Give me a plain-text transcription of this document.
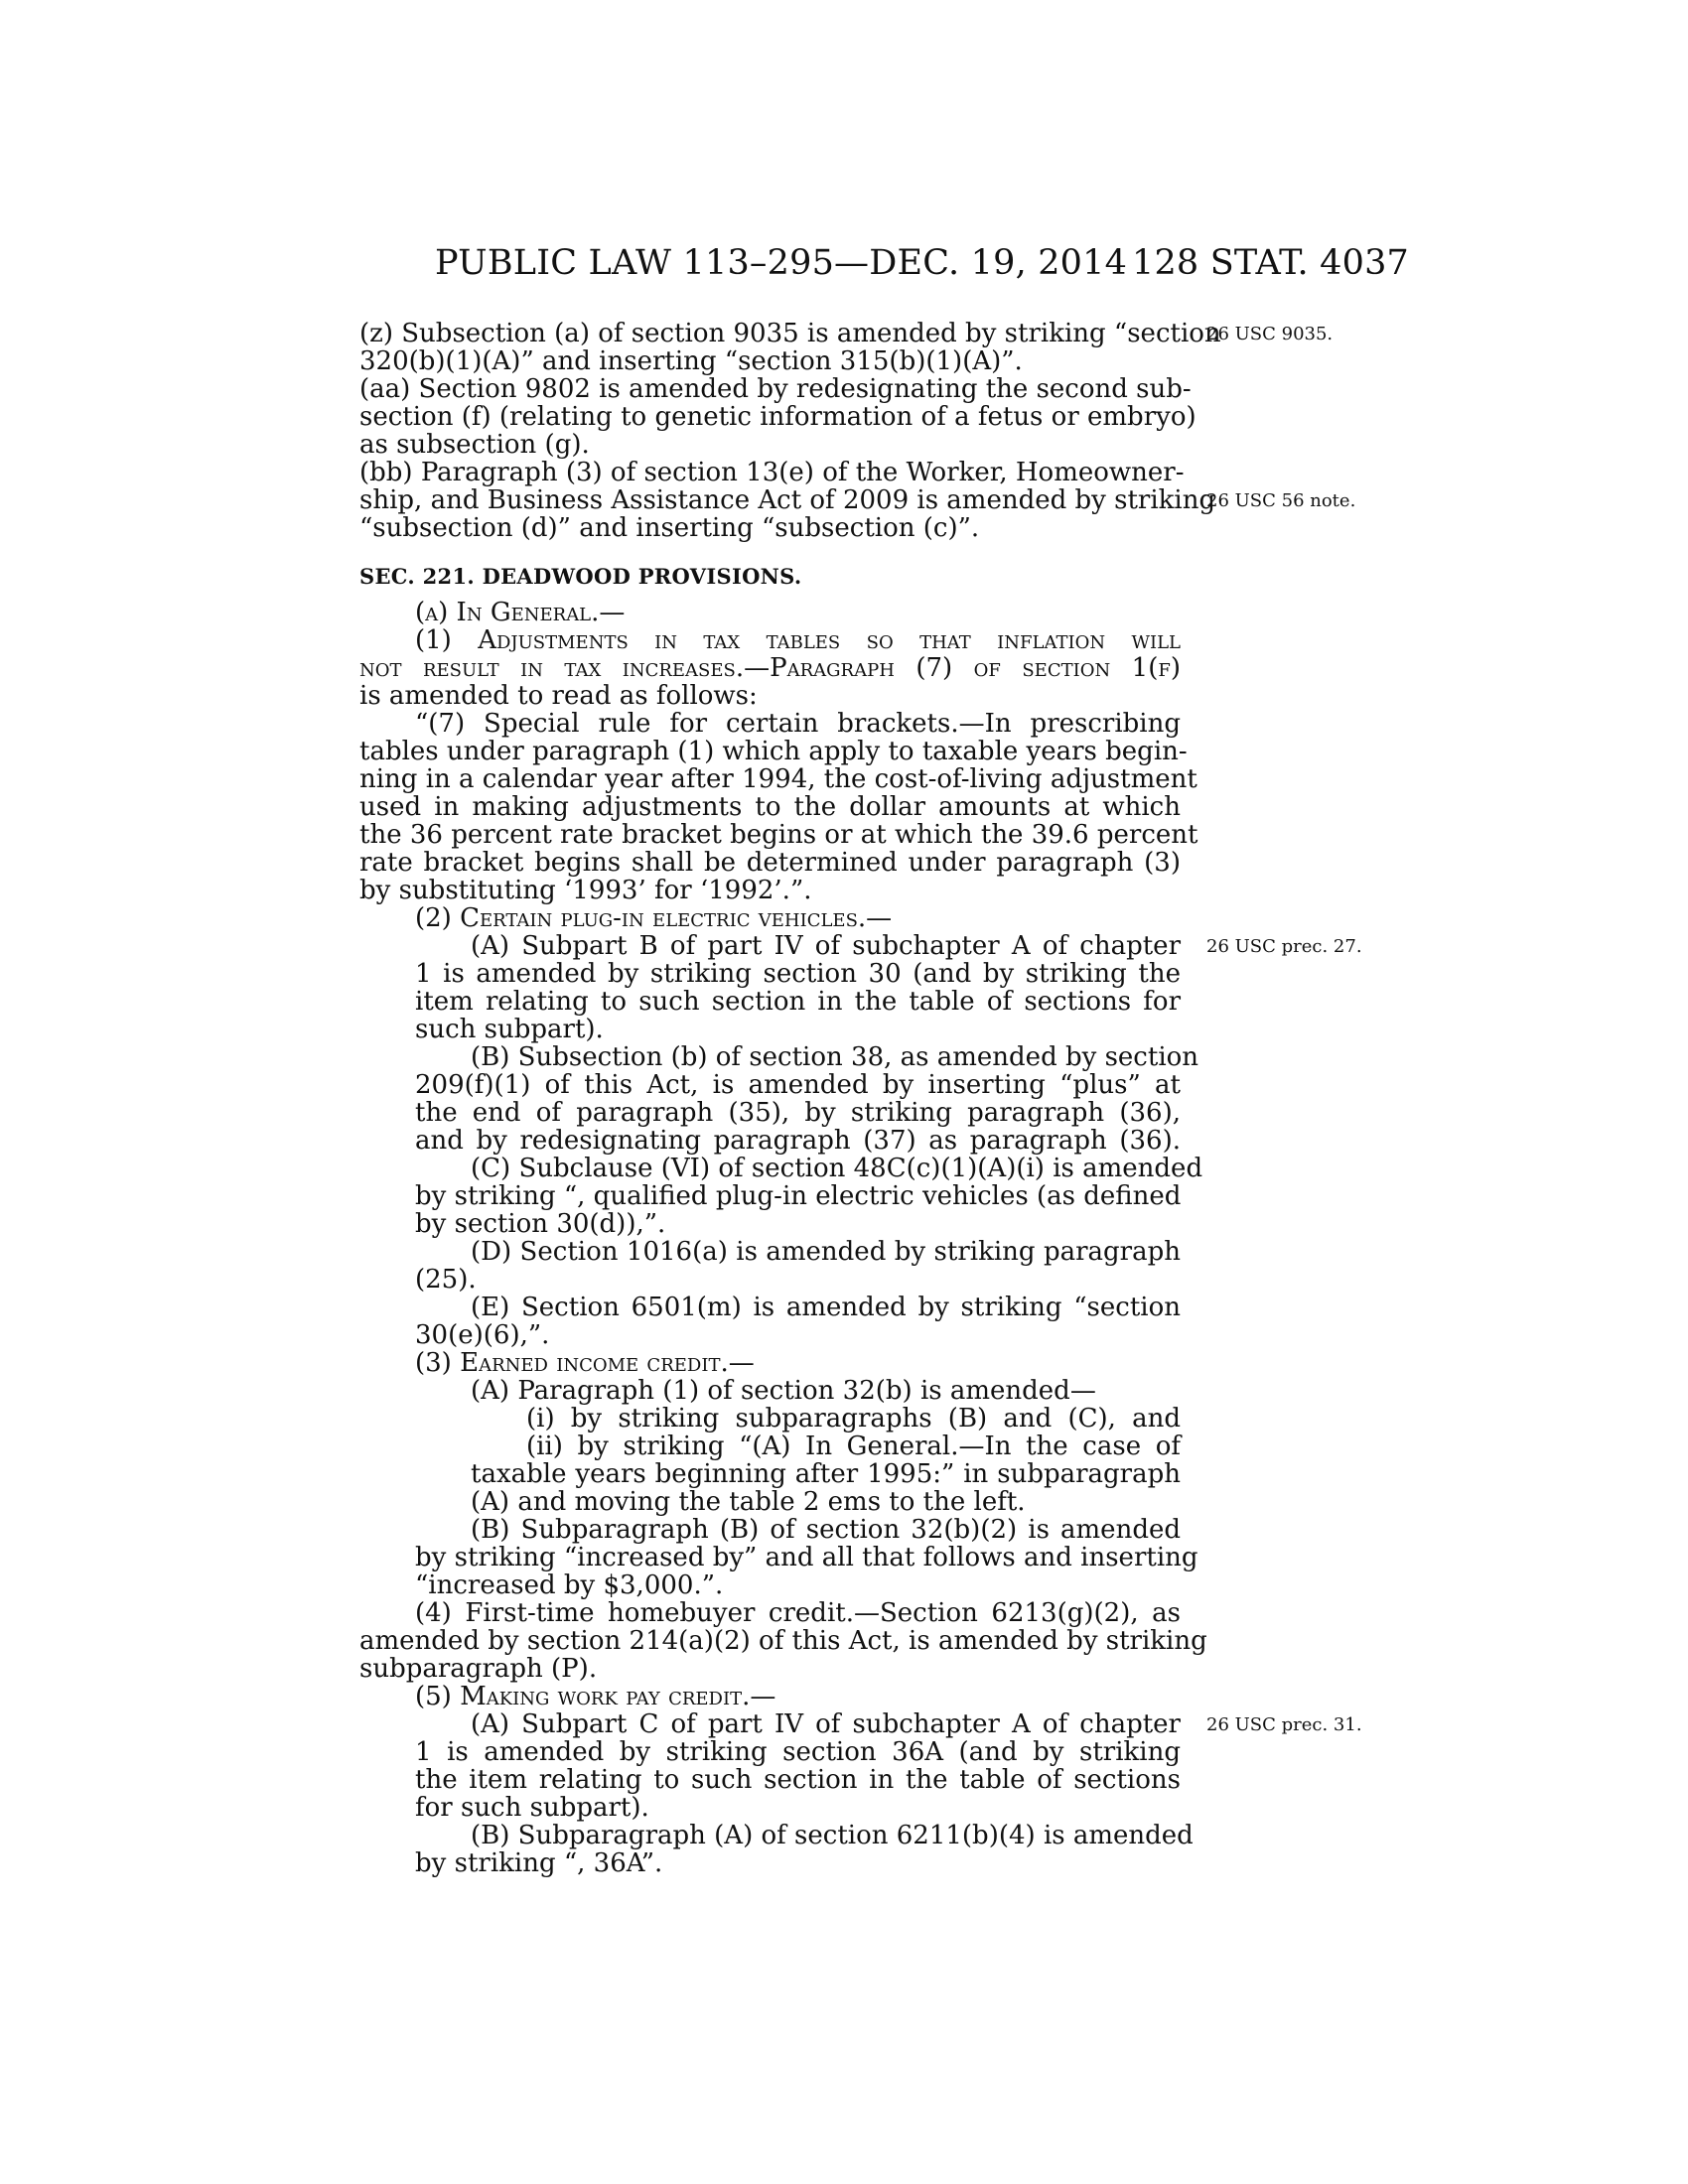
PUBLIC LAW 113–295—DEC. 19, 2014 128 STAT. 4037
(z) Subsection (a) of section 9035 is amended by striking “section
26 USC 9035.
320(b)(1)(A)” and inserting “section 315(b)(1)(A)”.
(aa) Section 9802 is amended by redesignating the second sub-
section (f) (relating to genetic information of a fetus or embryo)
as subsection (g).
(bb) Paragraph (3) of section 13(e) of the Worker, Homeowner-
ship, and Business Assistance Act of 2009 is amended by striking
26 USC 56 note.
“subsection (d)” and inserting “subsection (c)”.
SEC. 221. DEADWOOD PROVISIONS.
(a) In General.—
(1) Adjustments in tax tables so that inflation will
not result in tax increases.—Paragraph (7) of section 1(f)
is amended to read as follows:
“(7) Special rule for certain brackets.—In prescribing
tables under paragraph (1) which apply to taxable years begin-
ning in a calendar year after 1994, the cost-of-living adjustment
used in making adjustments to the dollar amounts at which
the 36 percent rate bracket begins or at which the 39.6 percent
rate bracket begins shall be determined under paragraph (3)
by substituting ‘1993’ for ‘1992’.”.
(2) Certain plug-in electric vehicles.—
(A) Subpart B of part IV of subchapter A of chapter 26 USC prec. 27.
1 is amended by striking section 30 (and by striking the
item relating to such section in the table of sections for
such subpart).
(B) Subsection (b) of section 38, as amended by section
209(f)(1) of this Act, is amended by inserting “plus” at
the end of paragraph (35), by striking paragraph (36),
and by redesignating paragraph (37) as paragraph (36).
(C) Subclause (VI) of section 48C(c)(1)(A)(i) is amended
by striking “, qualified plug-in electric vehicles (as defined
by section 30(d)),”.
(D) Section 1016(a) is amended by striking paragraph
(25).
(E) Section 6501(m) is amended by striking “section
30(e)(6),”.
(3) Earned income credit.—
(A) Paragraph (1) of section 32(b) is amended—
(i) by striking subparagraphs (B) and (C), and
(ii) by striking “(A) In General.—In the case of
taxable years beginning after 1995:” in subparagraph
(A) and moving the table 2 ems to the left.
(B) Subparagraph (B) of section 32(b)(2) is amended
by striking “increased by” and all that follows and inserting
“increased by $3,000.”.
(4) First-time homebuyer credit.—Section 6213(g)(2), as
amended by section 214(a)(2) of this Act, is amended by striking
subparagraph (P).
(5) Making work pay credit.—
(A) Subpart C of part IV of subchapter A of chapter 26 USC prec. 31.
1 is amended by striking section 36A (and by striking
the item relating to such section in the table of sections
for such subpart).
(B) Subparagraph (A) of section 6211(b)(4) is amended
by striking “, 36A”.
